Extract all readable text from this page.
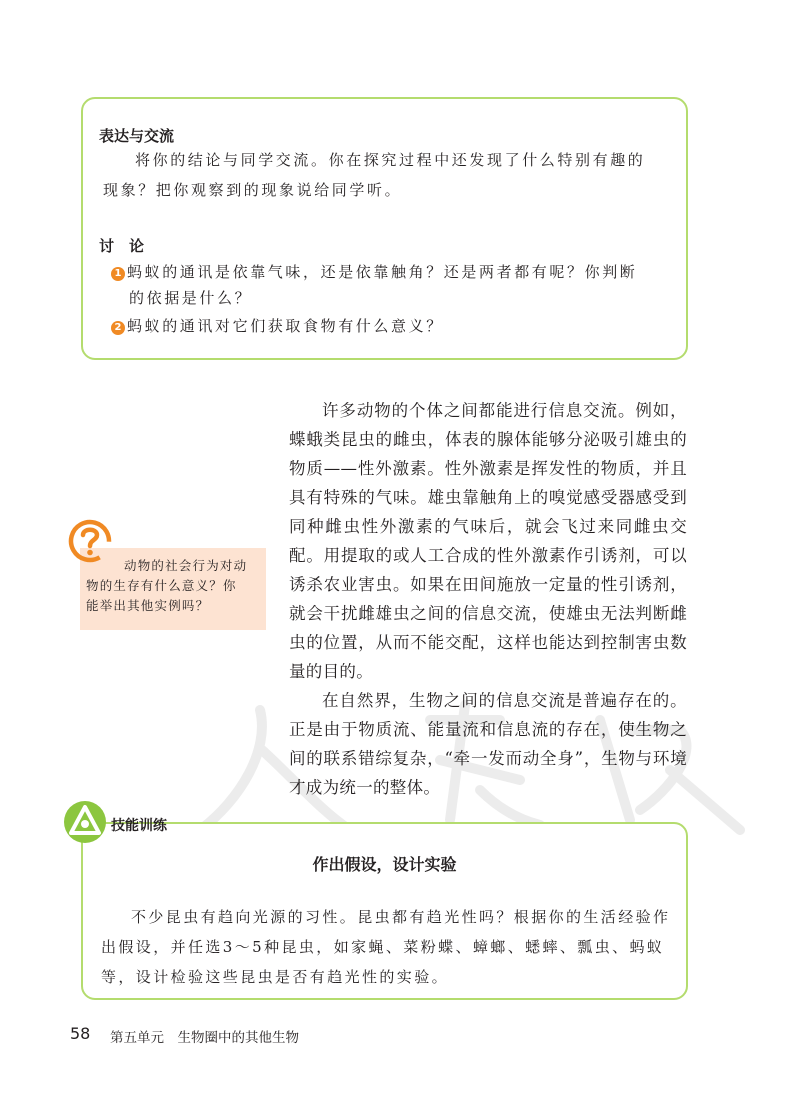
表达与交流
将你的结论与同学交流。你在探究过程中还发现了什么特别有趣的
现象？把你观察到的现象说给同学听。
讨　论
1 蚂蚁的通讯是依靠气味，还是依靠触角？还是两者都有呢？你判断
的依据是什么？
2 蚂蚁的通讯对它们获取食物有什么意义？

许多动物的个体之间都能进行信息交流。例如，蝶蛾类昆虫的雌虫，体表的腺体能够分泌吸引雄虫的物质——性外激素。性外激素是挥发性的物质，并且具有特殊的气味。雄虫靠触角上的嗅觉感受器感受到同种雌虫性外激素的气味后，就会飞过来同雌虫交配。用提取的或人工合成的性外激素作引诱剂，可以诱杀农业害虫。如果在田间施放一定量的性引诱剂，就会干扰雌雄虫之间的信息交流，使雄虫无法判断雌虫的位置，从而不能交配，这样也能达到控制害虫数量的目的。

在自然界，生物之间的信息交流是普遍存在的。正是由于物质流、能量流和信息流的存在，使生物之间的联系错综复杂，“牵一发而动全身”，生物与环境才成为统一的整体。

动物的社会行为对动
物的生存有什么意义？你
能举出其他实例吗？
作出假设，设计实验
不少昆虫有趋向光源的习性。昆虫都有趋光性吗？根据你的生活经验作出假设，并任选3～5种昆虫，如家蝇、菜粉蝶、蟑螂、蟋蟀、瓢虫、蚂蚁等，设计检验这些昆虫是否有趋光性的实验。
技能训练
58 第五单元　生物圈中的其他生物
